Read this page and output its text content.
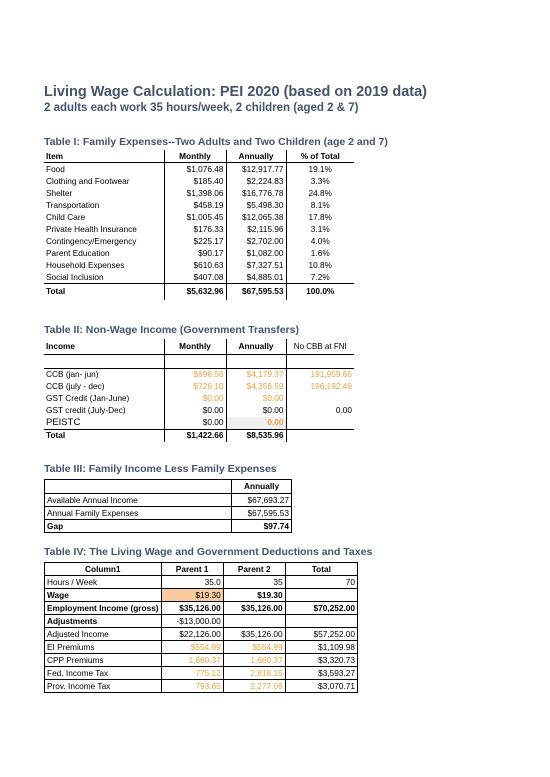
Living Wage Calculation: PEI 2020 (based on 2019 data)
2 adults each work 35 hours/week, 2 children (aged 2 & 7)
Table I: Family Expenses--Two Adults and Two Children (age 2 and 7)
Item	Monthly	Annually	% of Total
Food	$1,076.48	$12,917.77	19.1%
Clothing and Footwear	$185.40	$2,224.83	3.3%
Shelter	$1,398.06	$16,776.78	24.8%
Transportation	$458.19	$5,498.30	8.1%
Child Care	$1,005.45	$12,065.38	17.8%
Private Health Insurance	$176.33	$2,115.96	3.1%
Contingency/Emergency	$225.17	$2,702.00	4.0%
Parent Education	$90.17	$1,082.00	1.6%
Household Expenses	$610.63	$7,327.51	10.8%
Social Inclusion	$407.08	$4,885.01	7.2%
Total	$5,632.96	$67,595.53	100.0%
Table II: Non-Wage Income (Government Transfers)
Income	Monthly	Annually	No CBB at FNI

CCB (jan- jun)	$696.56	$4,179.37	191,959.65
CCB (july - dec)	$726.10	$4,356.59	196,192.49
GST Credit (Jan-June)	$0.00	$0.00	
GST credit (July-Dec)	$0.00	$0.00	0.00
PEISTC	$0.00	0.00	
Total	$1,422.66	$8,535.96	
Table III: Family Income Less Family Expenses
	Annually
Available Annual Income	$67,693.27
Annual Family Expenses	$67,595.53
Gap	$97.74
Table IV: The Living Wage and Government Deductions and Taxes
Column1	Parent 1	Parent 2	Total
Hours / Week	35.0	35	70
Wage	$19.30	$19.30	
Employment Income (gross)	$35,126.00	$35,126.00	$70,252.00
Adjustments	-$13,000.00		
Adjusted Income	$22,126.00	$35,126.00	$57,252.00
EI Premiums	$554.99	$554.99	$1,109.98
CPP Premiums	1,660.37	1,660.37	$3,320.73
Fed. Income Tax	775.12	2,818.15	$3,593.27
Prov. Income Tax	793.65	2,277.06	$3,070.71
